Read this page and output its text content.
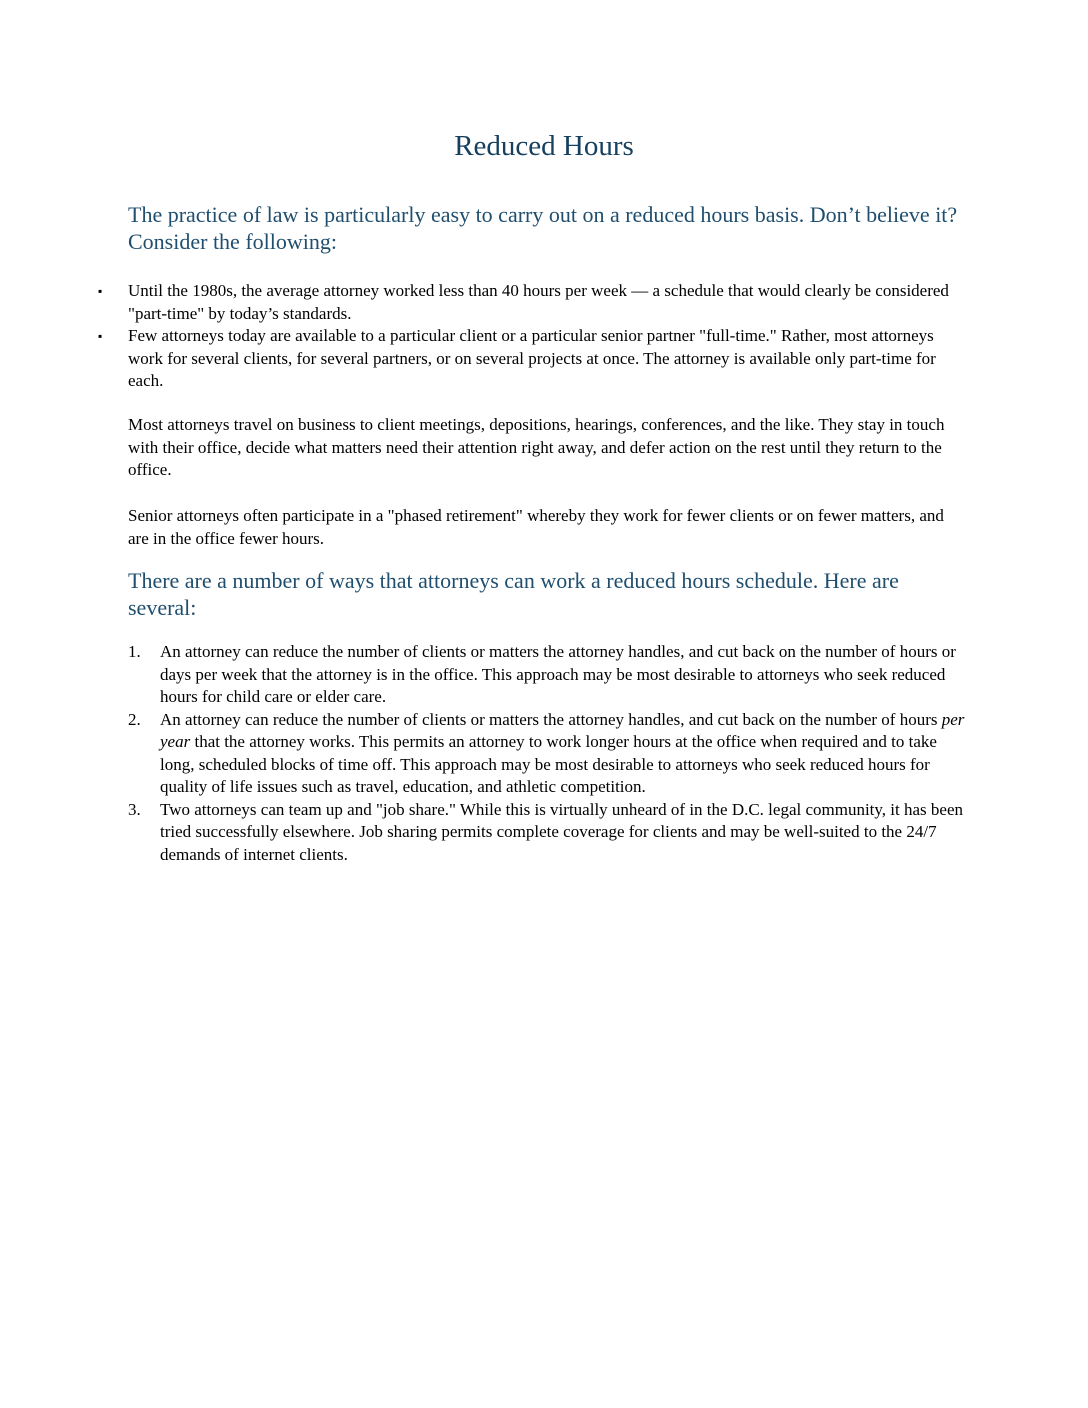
Reduced Hours
The practice of law is particularly easy to carry out on a reduced hours basis. Don’t believe it? Consider the following:
▪ Until the 1980s, the average attorney worked less than 40 hours per week — a schedule that would clearly be considered "part-time" by today’s standards.
▪ Few attorneys today are available to a particular client or a particular senior partner "full-time." Rather, most attorneys work for several clients, for several partners, or on several projects at once. The attorney is available only part-time for each.

Most attorneys travel on business to client meetings, depositions, hearings, conferences, and the like. They stay in touch with their office, decide what matters need their attention right away, and defer action on the rest until they return to the office.

Senior attorneys often participate in a "phased retirement" whereby they work for fewer clients or on fewer matters, and are in the office fewer hours.

There are a number of ways that attorneys can work a reduced hours schedule. Here are several:
1. An attorney can reduce the number of clients or matters the attorney handles, and cut back on the number of hours or days per week that the attorney is in the office. This approach may be most desirable to attorneys who seek reduced hours for child care or elder care.
2. An attorney can reduce the number of clients or matters the attorney handles, and cut back on the number of hours per year that the attorney works. This permits an attorney to work longer hours at the office when required and to take long, scheduled blocks of time off. This approach may be most desirable to attorneys who seek reduced hours for quality of life issues such as travel, education, and athletic competition.
3. Two attorneys can team up and "job share." While this is virtually unheard of in the D.C. legal community, it has been tried successfully elsewhere. Job sharing permits complete coverage for clients and may be well-suited to the 24/7 demands of internet clients.
